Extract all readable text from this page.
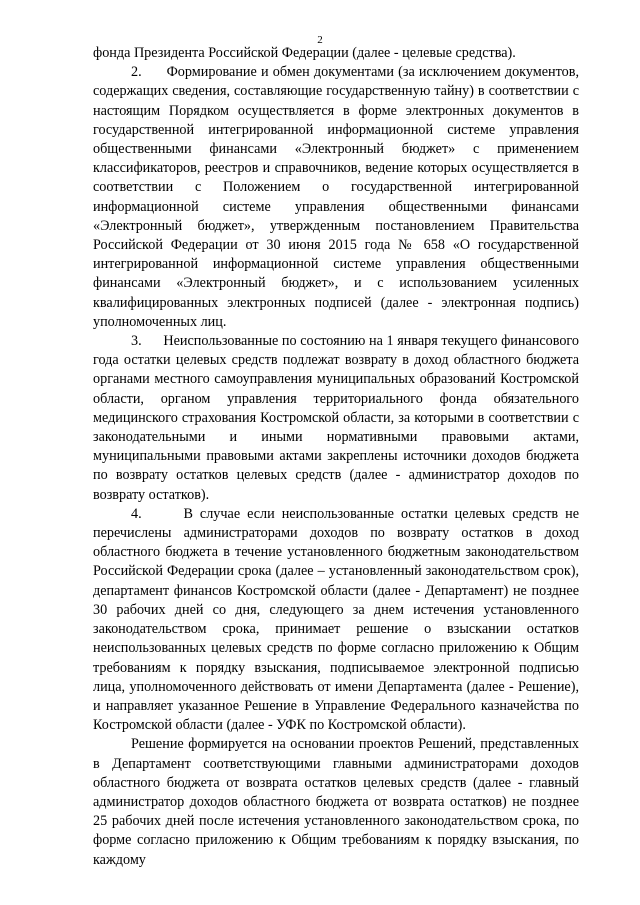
2

фонда Президента Российской Федерации (далее - целевые средства).

2.      Формирование и обмен документами (за исключением документов, содержащих сведения, составляющие государственную тайну) в соответствии с настоящим Порядком осуществляется в форме электронных документов в государственной интегрированной информационной системе управления общественными финансами «Электронный бюджет» с применением классификаторов, реестров и справочников, ведение которых осуществляется в соответствии с Положением о государственной интегрированной информационной системе управления общественными финансами «Электронный бюджет», утвержденным постановлением Правительства Российской Федерации от 30 июня 2015 года № 658 «О государственной интегрированной информационной системе управления общественными финансами «Электронный бюджет», и с использованием усиленных квалифицированных электронных подписей (далее - электронная подпись) уполномоченных лиц.

3.      Неиспользованные по состоянию на 1 января текущего финансового года остатки целевых средств подлежат возврату в доход областного бюджета органами местного самоуправления муниципальных образований Костромской области, органом управления территориального фонда обязательного медицинского страхования Костромской области, за которыми в соответствии с законодательными и иными нормативными правовыми актами, муниципальными правовыми актами закреплены источники доходов бюджета по возврату остатков целевых средств (далее - администратор доходов по возврату остатков).

4.      В случае если неиспользованные остатки целевых средств не перечислены администраторами доходов по возврату остатков в доход областного бюджета в течение установленного бюджетным законодательством Российской Федерации срока (далее – установленный законодательством срок), департамент финансов Костромской области (далее - Департамент) не позднее 30 рабочих дней со дня, следующего за днем истечения установленного законодательством срока, принимает решение о взыскании остатков неиспользованных целевых средств по форме согласно приложению к Общим требованиям к порядку взыскания, подписываемое электронной подписью лица, уполномоченного действовать от имени Департамента (далее - Решение), и направляет указанное Решение в Управление Федерального казначейства по Костромской области (далее - УФК по Костромской области).

Решение формируется на основании проектов Решений, представленных в Департамент соответствующими главными администраторами доходов областного бюджета от возврата остатков целевых средств (далее - главный администратор доходов областного бюджета от возврата остатков) не позднее 25 рабочих дней после истечения установленного законодательством срока, по форме согласно приложению к Общим требованиям к порядку взыскания, по каждому
